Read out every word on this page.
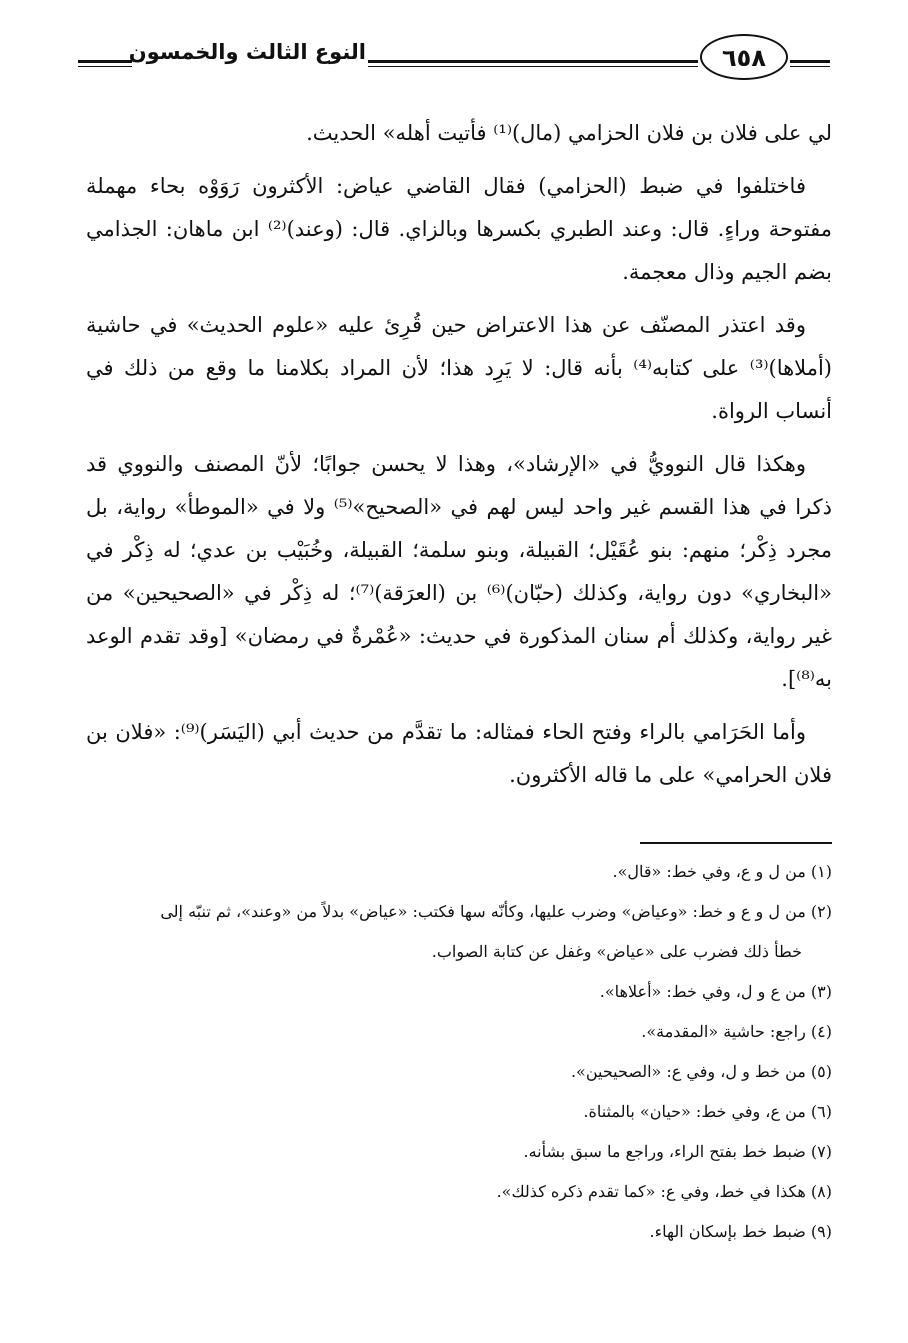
النوع الثالث والخمسون	٦٥٨

لي على فلان بن فلان الحزامي (مال)⁽¹⁾ فأتيت أهله» الحديث.

فاختلفوا في ضبط (الحزامي) فقال القاضي عياض: الأكثرون رَوَوْه بحاء مهملة مفتوحة وراءٍ. قال: وعند الطبري بكسرها وبالزاي. قال: (وعند)⁽²⁾ ابن ماهان: الجذامي بضم الجيم وذال معجمة.

وقد اعتذر المصنّف عن هذا الاعتراض حين قُرِئ عليه «علوم الحديث» في حاشية (أملاها)⁽³⁾ على كتابه⁽⁴⁾ بأنه قال: لا يَرِد هذا؛ لأن المراد بكلامنا ما وقع من ذلك في أنساب الرواة.

وهكذا قال النوويُّ في «الإرشاد»، وهذا لا يحسن جوابًا؛ لأنّ المصنف والنووي قد ذكرا في هذا القسم غير واحد ليس لهم في «الصحيح»⁽⁵⁾ ولا في «الموطأ» رواية، بل مجرد ذِكْر؛ منهم: بنو عُقَيْل؛ القبيلة، وبنو سلمة؛ القبيلة، وخُبَيْب بن عدي؛ له ذِكْر في «البخاري» دون رواية، وكذلك (حبّان)⁽⁶⁾ بن (العرَقة)⁽⁷⁾؛ له ذِكْر في «الصحيحين» من غير رواية، وكذلك أم سنان المذكورة في حديث: «عُمْرةٌ في رمضان» [وقد تقدم الوعد به⁽⁸⁾].

وأما الحَرَامي بالراء وفتح الحاء فمثاله: ما تقدَّم من حديث أبي (اليَسَر)⁽⁹⁾: «فلان بن فلان الحرامي» على ما قاله الأكثرون.

(١) من ل و ع، وفي خط: «قال».

(٢) من ل و ع و خط: «وعياض» وضرب عليها، وكأنّه سها فكتب: «عياض» بدلاً من «وعند»، ثم تنبّه إلى
خطأ ذلك فضرب على «عياض» وغفل عن كتابة الصواب.

(٣) من ع و ل، وفي خط: «أعلاها».

(٤) راجع: حاشية «المقدمة».

(٥) من خط و ل، وفي ع: «الصحيحين».

(٦) من ع، وفي خط: «حيان» بالمثناة.

(٧) ضبط خط بفتح الراء، وراجع ما سبق بشأنه.

(٨) هكذا في خط، وفي ع: «كما تقدم ذكره كذلك».

(٩) ضبط خط بإسكان الهاء.
